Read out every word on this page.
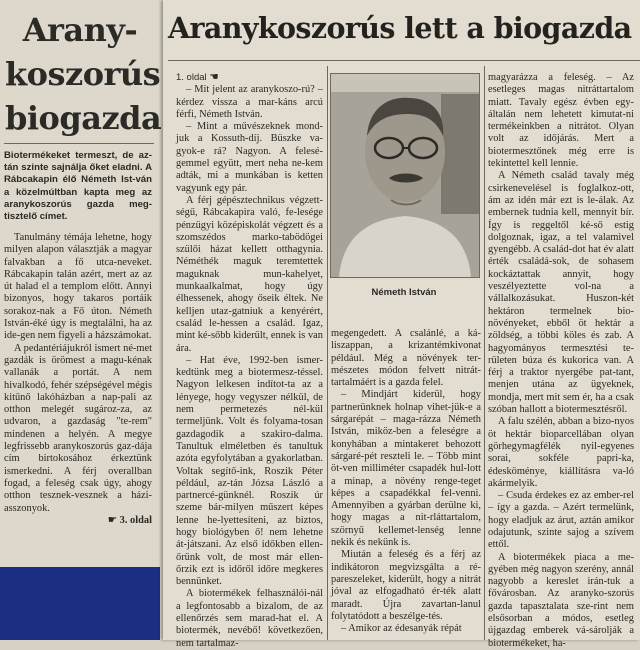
Arany-
koszorús
biogazda
Biotermékeket termeszt, de az-tán szinte sajnálja őket eladni. A Rábcakapin élő Németh Ist-ván a közelmúltban kapta meg az aranykoszorús gazda meg-tisztelő címet.

Tanulmány témája lehetne, hogy milyen alapon választják a magyar falvakban a fő utca-neveket. Rábcakapin talán azért, mert az az út halad el a templom előtt. Annyi bizonyos, hogy takaros portáik sorakoz-nak a Fő úton. Németh István-éké úgy is megtalálni, ha az ide-gen nem figyeli a házszámokat.

A pedantériájukról ismert né-met gazdák is örömest a magu-kénak vallanák a portát. A nem hivalkodó, fehér szépségével mégis kitűnő lakóházban a nap-pali az otthon melegét sugároz-za, az udvaron, a gazdaság "te-rem" mindenen a helyén. A megye legfrissebb aranykoszorús gaz-dája cím birtokosához érkeztünk ismerkedni. A férj overallban fogad, a feleség csak úgy, ahogy otthon tesznek-vesznek a házi-asszonyok.

☛ 3. oldal

Aranykoszorús lett a biogazda

1. oldal ☚

– Mit jelent az aranykoszo-rú? – kérdez vissza a mar-káns arcú férfi, Németh István.

– Mint a művészeknek mond-juk a Kossuth-díj. Büszke va-gyok-e rá? Nagyon. A felesé-gemmel együtt, mert neha ne-kem adták, mi a munkában is ketten vagyunk egy pár.

A férj gépésztechnikus végzett-ségű, Rábcakapira való, fe-lesége pénzügyi középiskolát végzett és a szomszédos marko-tabödögei szülői házat kellett otthagynia. Néméthék maguk teremtettek maguknak mun-kahelyet, munkaalkalmat, hogy úgy élhessenek, ahogy őseik éltek. Ne kelljen utaz-gatniuk a kenyérért, család le-hessen a család. Igaz, mint ké-sőbb kiderült, ennek is van ára.

– Hat éve, 1992-ben ismer-kedtünk meg a biotermesz-téssel. Nagyon lelkesen indítot-ta az a lényege, hogy vegyszer nélkül, de nem permetezés nél-kül termeljünk. Volt és folyama-tosan gazdagodik a szakiro-dalma. Tanultuk elméletben és tanultuk azóta egyfolytában a gyakorlatban. Voltak segítő-ink, Roszik Péter például, az-tán Józsa László a partnercé-günknél. Roszik úr szeme bár-milyen műszert képes lenne he-lyettesíteni, az biztos, hogy biológyben ő! nem lehetne át-játszani. Az első időkben ellen-őrünk volt, de most már ellen-őrzik ezt is időről időre megkeres bennünket.

A biotermékek felhasználói-nál a legfontosabb a bizalom, de az ellenőrzés sem marad-hat el. A biotermék, nevébő! következően, nem tartalmaz-

Németh István

megengedett. A csalánlé, a ká-liszappan, a krizantémkivonat például. Még a növények ter-mészetes módon felvett nitrát-tartalmáért is a gazda felel.

– Mindjárt kiderül, hogy partnerünknek holnap vihet-jük-e a sárgarépát – maga-rázza Németh István, miköz-ben a feleségre a konyhában a mintakeret behozott sárgaré-pét reszteli le. – Több mint öt-ven milliméter csapadék hul-lott a minap, a növény renge-teget képes a csapadékkal fel-venni. Amennyiben a gyárban derülne ki, hogy magas a nit-rláttartalom, szörnyű kellemet-lenség lenne nekik és nekünk is.

Miután a feleség és a férj az indikátoron megvizsgálta a ré-pareszeleket, kiderült, hogy a nitrát jóval az elfogadható ér-ték alatt maradt. Újra zavartan-lanul folytatódott a beszélge-tés.

– Amikor az édesanyák répát

magyarázza a feleség. – Az esetleges magas nitráttartalom miatt. Tavaly egész évben egy-általán nem lehetett kimutat-ni termékeinkben a nitrátot. Olyan volt az időjárás. Mert a biotermesztőnek még erre is tekintettel kell lennie.

A Németh család tavaly még csirkenevelésel is foglalkoz-ott, ám az idén már ezt is le-álak. Az embernek tudnia kell, mennyit bír. Így is reggeltől ké-ső estig dolgoznak, igaz, a tel valamivel gyengébb. A család-dot hat év alatt érték családá-sok, de sohasem kockáztattak annyit, hogy veszélyeztette vol-na a vállalkozásukat. Huszon-két hektáron termelnek bio-növényeket, ebből öt hektár a zöldség, a többi köles és zab. A hagyományos termesztési te-rületen búza és kukorica van. A férj a traktor nyergébe pat-tant, menjen utána az ügyeknek, mondja, mert mit sem ér, ha a csak szóban hallott a biotermesztésről.

A falu szélén, abban a bizo-nyos öt hektár bioparcellában olyan görhegymagfélék nyil-egyenes sorai, sokféle papri-ka, édesköménye, kiállításra va-ló akármelyik.

– Csuda érdekes ez az ember-rel – így a gazda. – Azért termelünk, hogy eladjuk az árut, aztán amikor odajutunk, szinte sajog a szívem ettől.

A biotermékek piaca a me-gyében még nagyon szerény, annál nagyobb a kereslet irán-tuk a fővárosban. Az aranyko-szorús gazda tapasztalata sze-rint nem elsősorban a módos, esetleg újgazdag emberek vá-sárolják a biotermékeket, ha-
